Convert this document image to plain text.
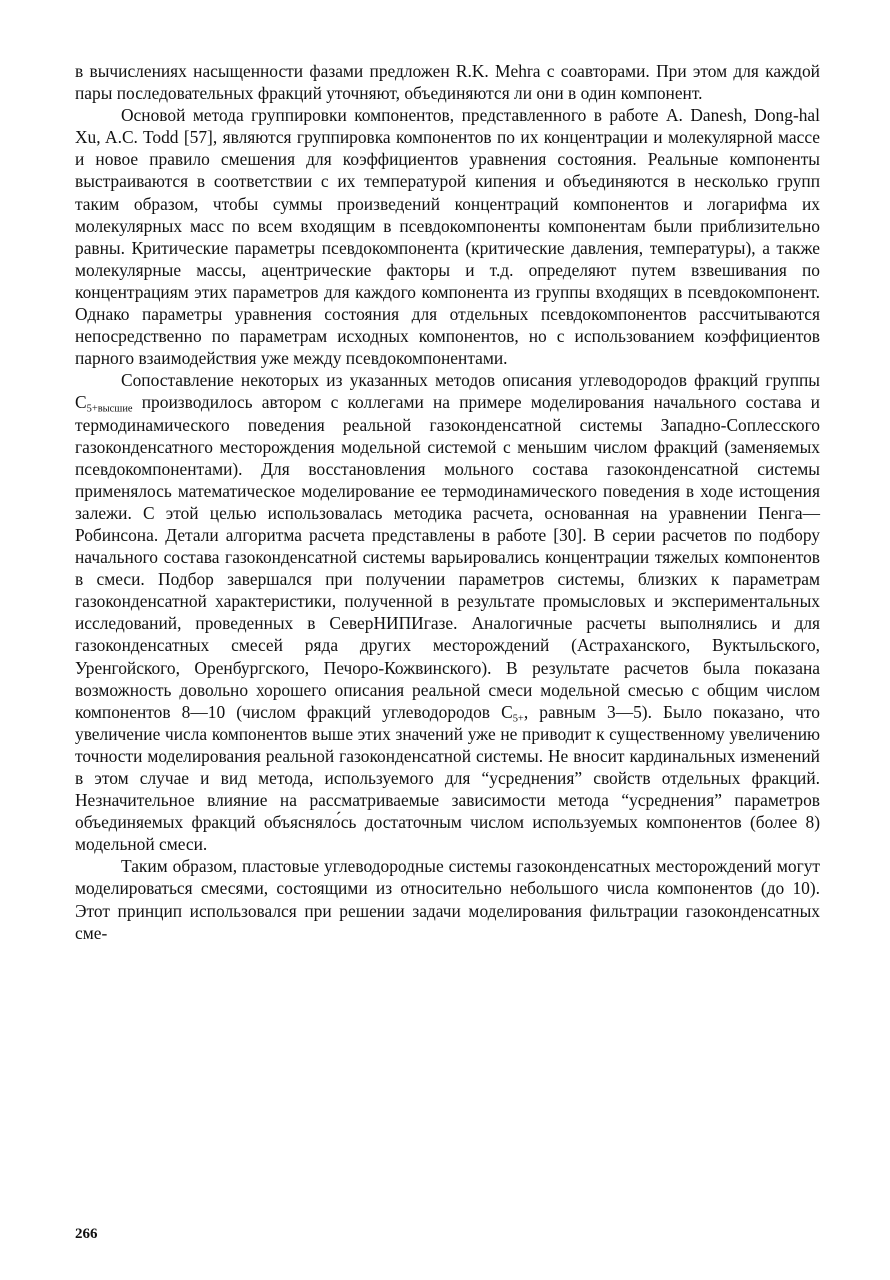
в вычислениях насыщенности фазами предложен R.K. Mehra с соавторами. При этом для каждой пары последовательных фракций уточняют, объединяются ли они в один компонент.

Основой метода группировки компонентов, представленного в работе A. Danesh, Dong-hal Xu, A.C. Todd [57], являются группировка компонентов по их концентрации и молекулярной массе и новое правило смешения для коэффициентов уравнения состояния. Реальные компоненты выстраиваются в соответствии с их температурой кипения и объединяются в несколько групп таким образом, чтобы суммы произведений концентраций компонентов и логарифма их молекулярных масс по всем входящим в псевдокомпоненты компонентам были приблизительно равны. Критические параметры псевдокомпонента (критические давления, температуры), а также молекулярные массы, ацентрические факторы и т.д. определяют путем взвешивания по концентрациям этих параметров для каждого компонента из группы входящих в псевдокомпонент. Однако параметры уравнения состояния для отдельных псевдокомпонентов рассчитываются непосредственно по параметрам исходных компонентов, но с использованием коэффициентов парного взаимодействия уже между псевдокомпонентами.

Сопоставление некоторых из указанных методов описания углеводородов фракций группы $C_{5+высшие}$ производилось автором с коллегами на примере моделирования начального состава и термодинамического поведения реальной газоконденсатной системы Западно-Соплесского газоконденсатного месторождения модельной системой с меньшим числом фракций (заменяемых псевдокомпонентами). Для восстановления мольного состава газоконденсатной системы применялось математическое моделирование ее термодинамического поведения в ходе истощения залежи. С этой целью использовалась методика расчета, основанная на уравнении Пенга—Робинсона. Детали алгоритма расчета представлены в работе [30]. В серии расчетов по подбору начального состава газоконденсатной системы варьировались концентрации тяжелых компонентов в смеси. Подбор завершался при получении параметров системы, близких к параметрам газоконденсатной характеристики, полученной в результате промысловых и экспериментальных исследований, проведенных в СеверНИПИгазе. Аналогичные расчеты выполнялись и для газоконденсатных смесей ряда других месторождений (Астраханского, Вуктыльского, Уренгойского, Оренбургского, Печоро-Кожвинского). В результате расчетов была показана возможность довольно хорошего описания реальной смеси модельной смесью с общим числом компонентов 8—10 (числом фракций углеводородов $C_{5+}$, равным 3—5). Было показано, что увеличение числа компонентов выше этих значений уже не приводит к существенному увеличению точности моделирования реальной газоконденсатной системы. Не вносит кардинальных изменений в этом случае и вид метода, используемого для “усреднения” свойств отдельных фракций. Незначительное влияние на рассматриваемые зависимости метода “усреднения” параметров объединяемых фракций объясняло́сь достаточным числом используемых компонентов (более 8) модельной смеси.

Таким образом, пластовые углеводородные системы газоконденсатных месторождений могут моделироваться смесями, состоящими из относительно небольшого числа компонентов (до 10). Этот принцип использовался при решении задачи моделирования фильтрации газоконденсатных сме-

266
